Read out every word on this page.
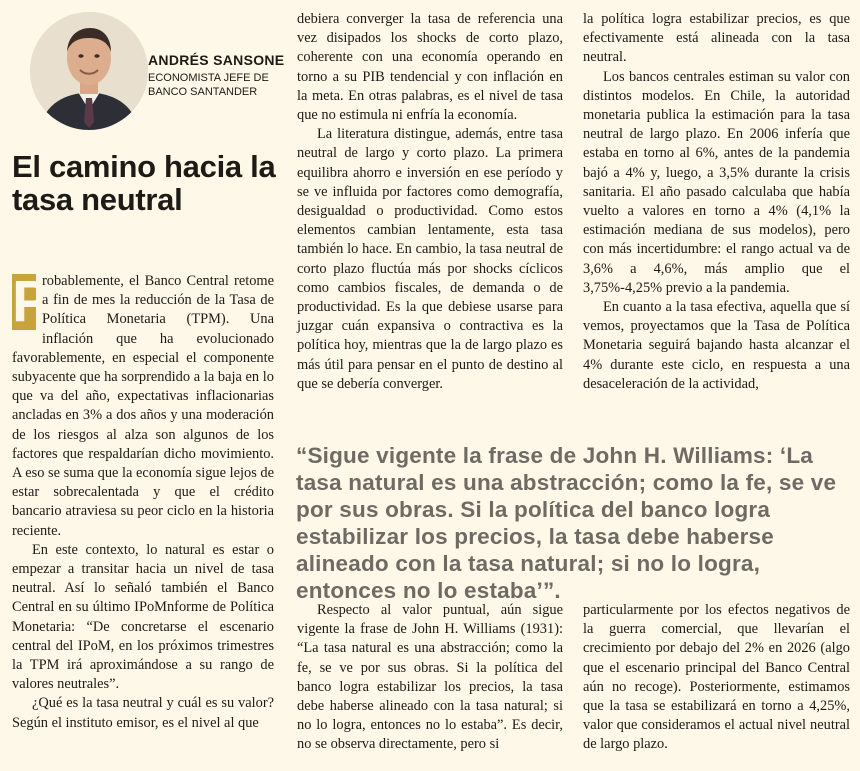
ANDRÉS SANSONE
ECONOMISTA JEFE DE
BANCO SANTANDER
El camino hacia la tasa neutral

P
robablemente, el Banco Central retome a fin de mes la reducción de la Tasa de Política Monetaria (TPM). Una inflación que ha evolucionado favorablemente, en especial el componente subyacente que ha sorprendido a la baja en lo que va del año, expectativas inflacionarias ancladas en 3% a dos años y una moderación de los riesgos al alza son algunos de los factores que respaldarían dicho movimiento. A eso se suma que la economía sigue lejos de estar sobrecalentada y que el crédito bancario atraviesa su peor ciclo en la historia reciente.

En este contexto, lo natural es estar o empezar a transitar hacia un nivel de tasa neutral. Así lo señaló también el Banco Central en su último IPoMnforme de Política Monetaria: “De concretarse el escenario central del IPoM, en los próximos trimestres la TPM irá aproximándose a su rango de valores neutrales”.

¿Qué es la tasa neutral y cuál es su valor? Según el instituto emisor, es el nivel al que

debiera converger la tasa de referencia una vez disipados los shocks de corto plazo, coherente con una economía operando en torno a su PIB tendencial y con inflación en la meta. En otras palabras, es el nivel de tasa que no estimula ni enfría la economía.

La literatura distingue, además, entre tasa neutral de largo y corto plazo. La primera equilibra ahorro e inversión en ese período y se ve influida por factores como demografía, desigualdad o productividad. Como estos elementos cambian lentamente, esta tasa también lo hace. En cambio, la tasa neutral de corto plazo fluctúa más por shocks cíclicos como cambios fiscales, de demanda o de productividad. Es la que debiese usarse para juzgar cuán expansiva o contractiva es la política hoy, mientras que la de largo plazo es más útil para pensar en el punto de destino al que se debería converger.

la política logra estabilizar precios, es que efectivamente está alineada con la tasa neutral.

Los bancos centrales estiman su valor con distintos modelos. En Chile, la autoridad monetaria publica la estimación para la tasa neutral de largo plazo. En 2006 infería que estaba en torno al 6%, antes de la pandemia bajó a 4% y, luego, a 3,5% durante la crisis sanitaria. El año pasado calculaba que había vuelto a valores en torno a 4% (4,1% la estimación mediana de sus modelos), pero con más incertidumbre: el rango actual va de 3,6% a 4,6%, más amplio que el 3,75%-4,25% previo a la pandemia.

En cuanto a la tasa efectiva, aquella que sí vemos, proyectamos que la Tasa de Política Monetaria seguirá bajando hasta alcanzar el 4% durante este ciclo, en respuesta a una desaceleración de la actividad,

“Sigue vigente la frase de John H. Williams: ‘La tasa natural es una abstracción; como la fe, se ve por sus obras. Si la política del banco logra estabilizar los precios, la tasa debe haberse alineado con la tasa natural; si no lo logra, entonces no lo estaba’”.

Respecto al valor puntual, aún sigue vigente la frase de John H. Williams (1931): “La tasa natural es una abstracción; como la fe, se ve por sus obras. Si la política del banco logra estabilizar los precios, la tasa debe haberse alineado con la tasa natural; si no lo logra, entonces no lo estaba”. Es decir, no se observa directamente, pero si

particularmente por los efectos negativos de la guerra comercial, que llevarían el crecimiento por debajo del 2% en 2026 (algo que el escenario principal del Banco Central aún no recoge). Posteriormente, estimamos que la tasa se estabilizará en torno a 4,25%, valor que consideramos el actual nivel neutral de largo plazo.
